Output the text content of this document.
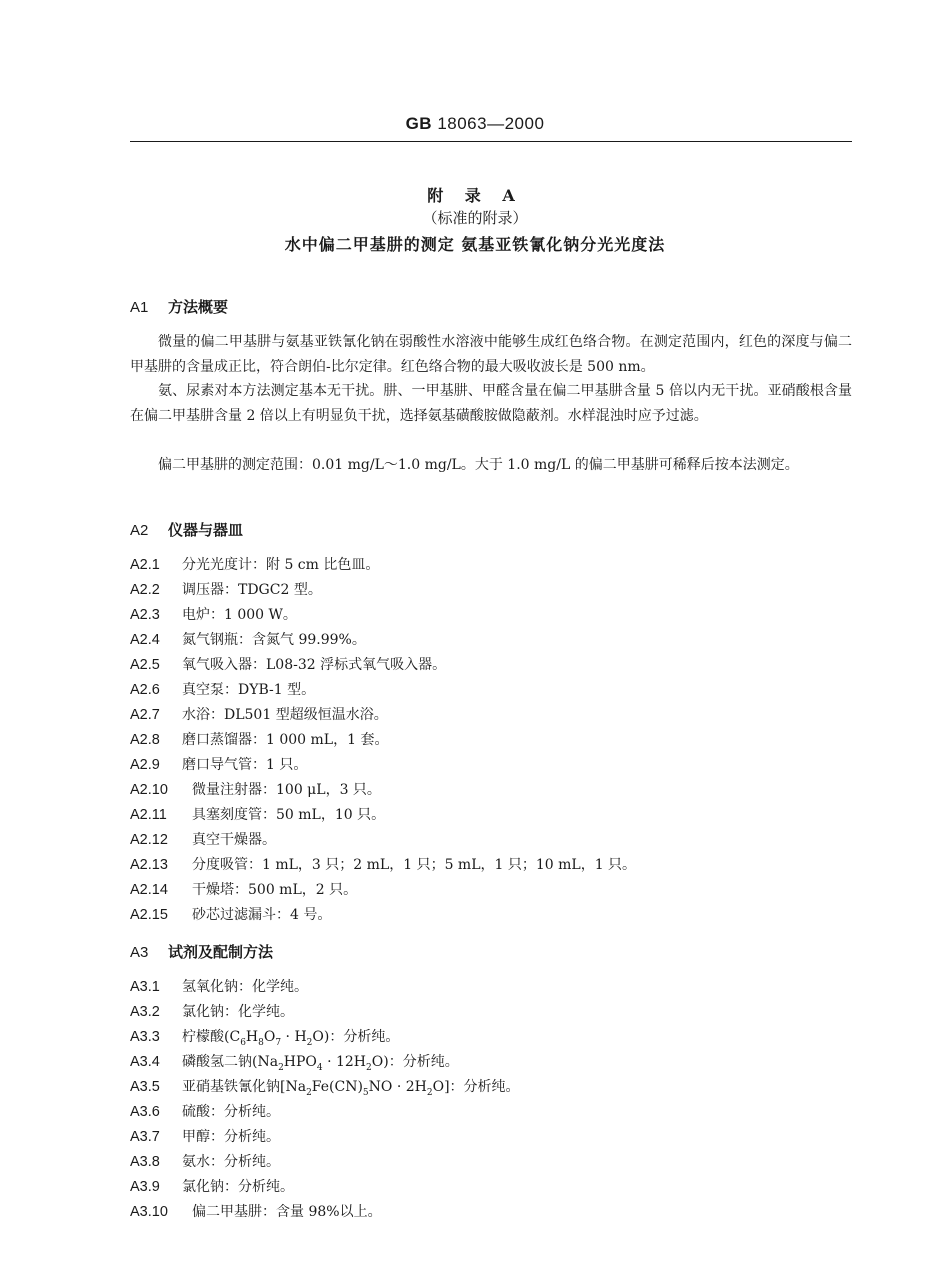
GB 18063—2000
附 录 A
（标准的附录）
水中偏二甲基肼的测定 氨基亚铁氰化钠分光光度法
A1 方法概要
微量的偏二甲基肼与氨基亚铁氰化钠在弱酸性水溶液中能够生成红色络合物。在测定范围内，红色的深度与偏二甲基肼的含量成正比，符合朗伯-比尔定律。红色络合物的最大吸收波长是 500 nm。
氨、尿素对本方法测定基本无干扰。肼、一甲基肼、甲醛含量在偏二甲基肼含量 5 倍以内无干扰。亚硝酸根含量在偏二甲基肼含量 2 倍以上有明显负干扰，选择氨基磺酸胺做隐蔽剂。水样混浊时应予过滤。
偏二甲基肼的测定范围：0.01 mg/L～1.0 mg/L。大于 1.0 mg/L 的偏二甲基肼可稀释后按本法测定。
A2 仪器与器皿
A2.1 分光光度计：附 5 cm 比色皿。
A2.2 调压器：TDGC2 型。
A2.3 电炉：1 000 W。
A2.4 氮气钢瓶：含氮气 99.99%。
A2.5 氧气吸入器：L08-32 浮标式氧气吸入器。
A2.6 真空泵：DYB-1 型。
A2.7 水浴：DL501 型超级恒温水浴。
A2.8 磨口蒸馏器：1 000 mL，1 套。
A2.9 磨口导气管：1 只。
A2.10 微量注射器：100 μL，3 只。
A2.11 具塞刻度管：50 mL，10 只。
A2.12 真空干燥器。
A2.13 分度吸管：1 mL，3 只；2 mL，1 只；5 mL，1 只；10 mL，1 只。
A2.14 干燥塔：500 mL，2 只。
A2.15 砂芯过滤漏斗：4 号。
A3 试剂及配制方法
A3.1 氢氧化钠：化学纯。
A3.2 氯化钠：化学纯。
A3.3 柠檬酸$(C_6H_8O_7 \cdot H_2O)$：分析纯。
A3.4 磷酸氢二钠$(Na_2HPO_4 \cdot 12H_2O)$：分析纯。
A3.5 亚硝基铁氰化钠$[Na_2Fe(CN)_5NO \cdot 2H_2O]$：分析纯。
A3.6 硫酸：分析纯。
A3.7 甲醇：分析纯。
A3.8 氨水：分析纯。
A3.9 氯化钠：分析纯。
A3.10 偏二甲基肼：含量 98%以上。
